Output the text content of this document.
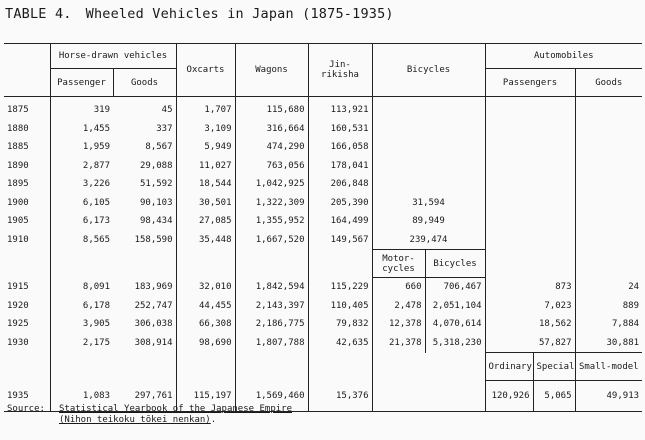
TABLE 4. Wheeled Vehicles in Japan (1875-1935)
	Horse-drawn vehicles		Oxcarts	Wagons	Jin-rikisha	Bicycles		Automobiles		
	Passenger	Goods						Passengers		Goods
1875	319	45	1,707	115,680	113,921					
1880	1,455	337	3,109	316,664	160,531					
1885	1,959	8,567	5,949	474,290	166,058					
1890	2,877	29,088	11,027	763,056	178,041					
1895	3,226	51,592	18,544	1,042,925	206,848					
1900	6,105	90,103	30,501	1,322,309	205,390	31,594				
1905	6,173	98,434	27,085	1,355,952	164,499	89,949				
1910	8,565	158,590	35,448	1,667,520	149,567	239,474				
						Motor-cycles	Bicycles			
1915	8,091	183,969	32,010	1,842,594	115,229	660	706,467	873		24
1920	6,178	252,747	44,455	2,143,397	110,405	2,478	2,051,104	7,023		889
1925	3,905	306,038	66,308	2,186,775	79,832	12,378	4,070,614	18,562		7,884
1930	2,175	308,914	98,690	1,807,788	42,635	21,378	5,318,230	57,827		30,881
								Ordinary	Special	Small-model
1935	1,083	297,761	115,197	1,569,460	15,376			120,926	5,065	49,913
Source: Statistical Yearbook of the Japanese Empire
(Nihon teikoku tōkei nenkan).
